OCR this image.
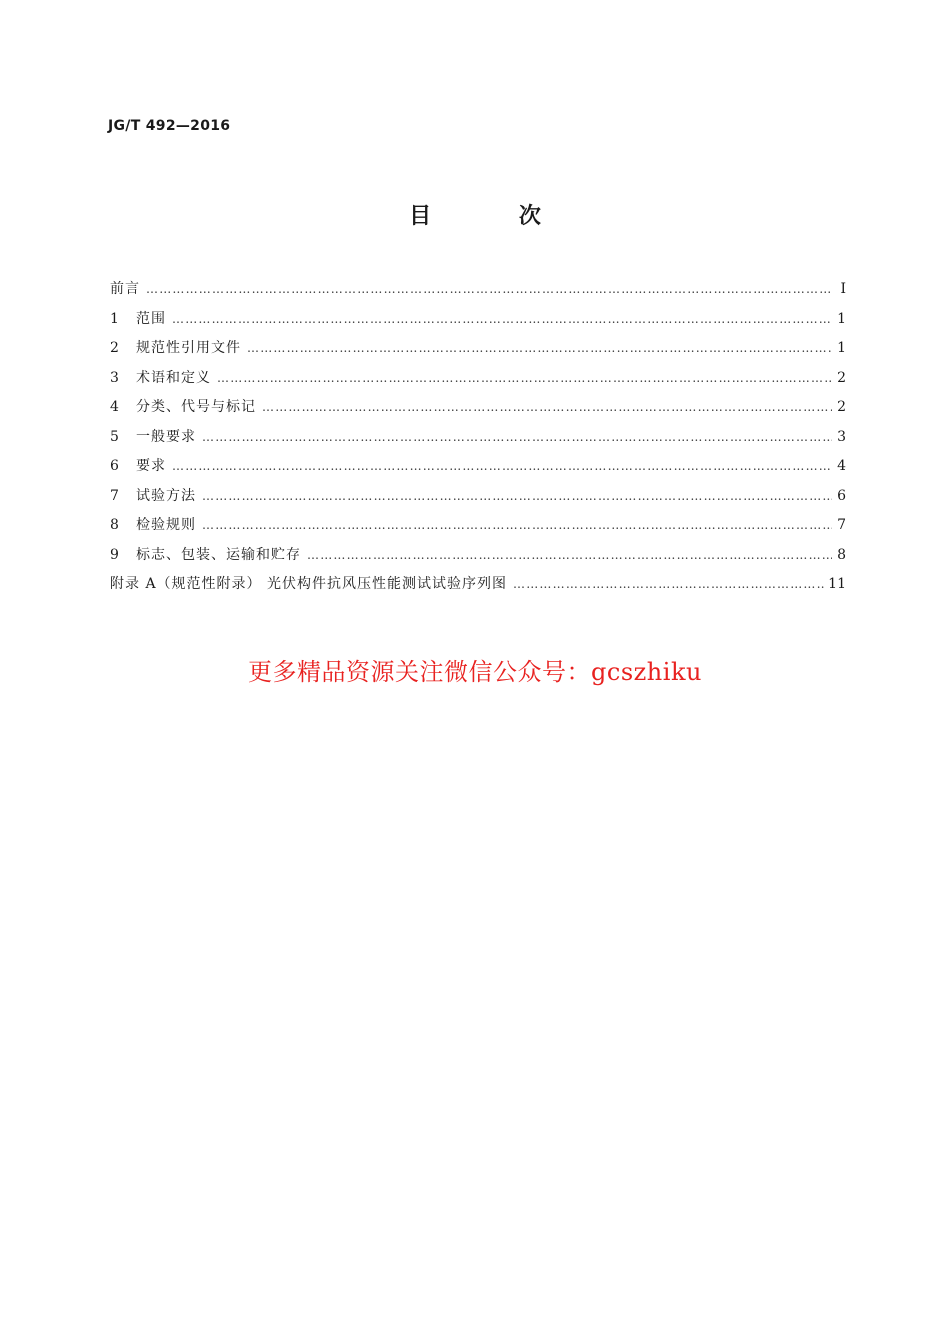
JG/T 492—2016
目 次
前言 ……………………………………………………………………………………………………………………………………………………………………………………………	Ⅰ
1	范围 ……………………………………………………………………………………………………………………………………………………………………………………………	1
2	规范性引用文件 ……………………………………………………………………………………………………………………………………………………………………………………………	1
3	术语和定义 ……………………………………………………………………………………………………………………………………………………………………………………………	2
4	分类、代号与标记 ……………………………………………………………………………………………………………………………………………………………………………………………	2
5	一般要求 ……………………………………………………………………………………………………………………………………………………………………………………………	3
6	要求 ……………………………………………………………………………………………………………………………………………………………………………………………	4
7	试验方法 ……………………………………………………………………………………………………………………………………………………………………………………………	6
8	检验规则 ……………………………………………………………………………………………………………………………………………………………………………………………	7
9	标志、包装、运输和贮存 ……………………………………………………………………………………………………………………………………………………………………………………………	8
附录 A（规范性附录） 光伏构件抗风压性能测试试验序列图 ……………………………………………………………………………………………………………………………………………………………………………………………	11
更多精品资源关注微信公众号：gcszhiku
